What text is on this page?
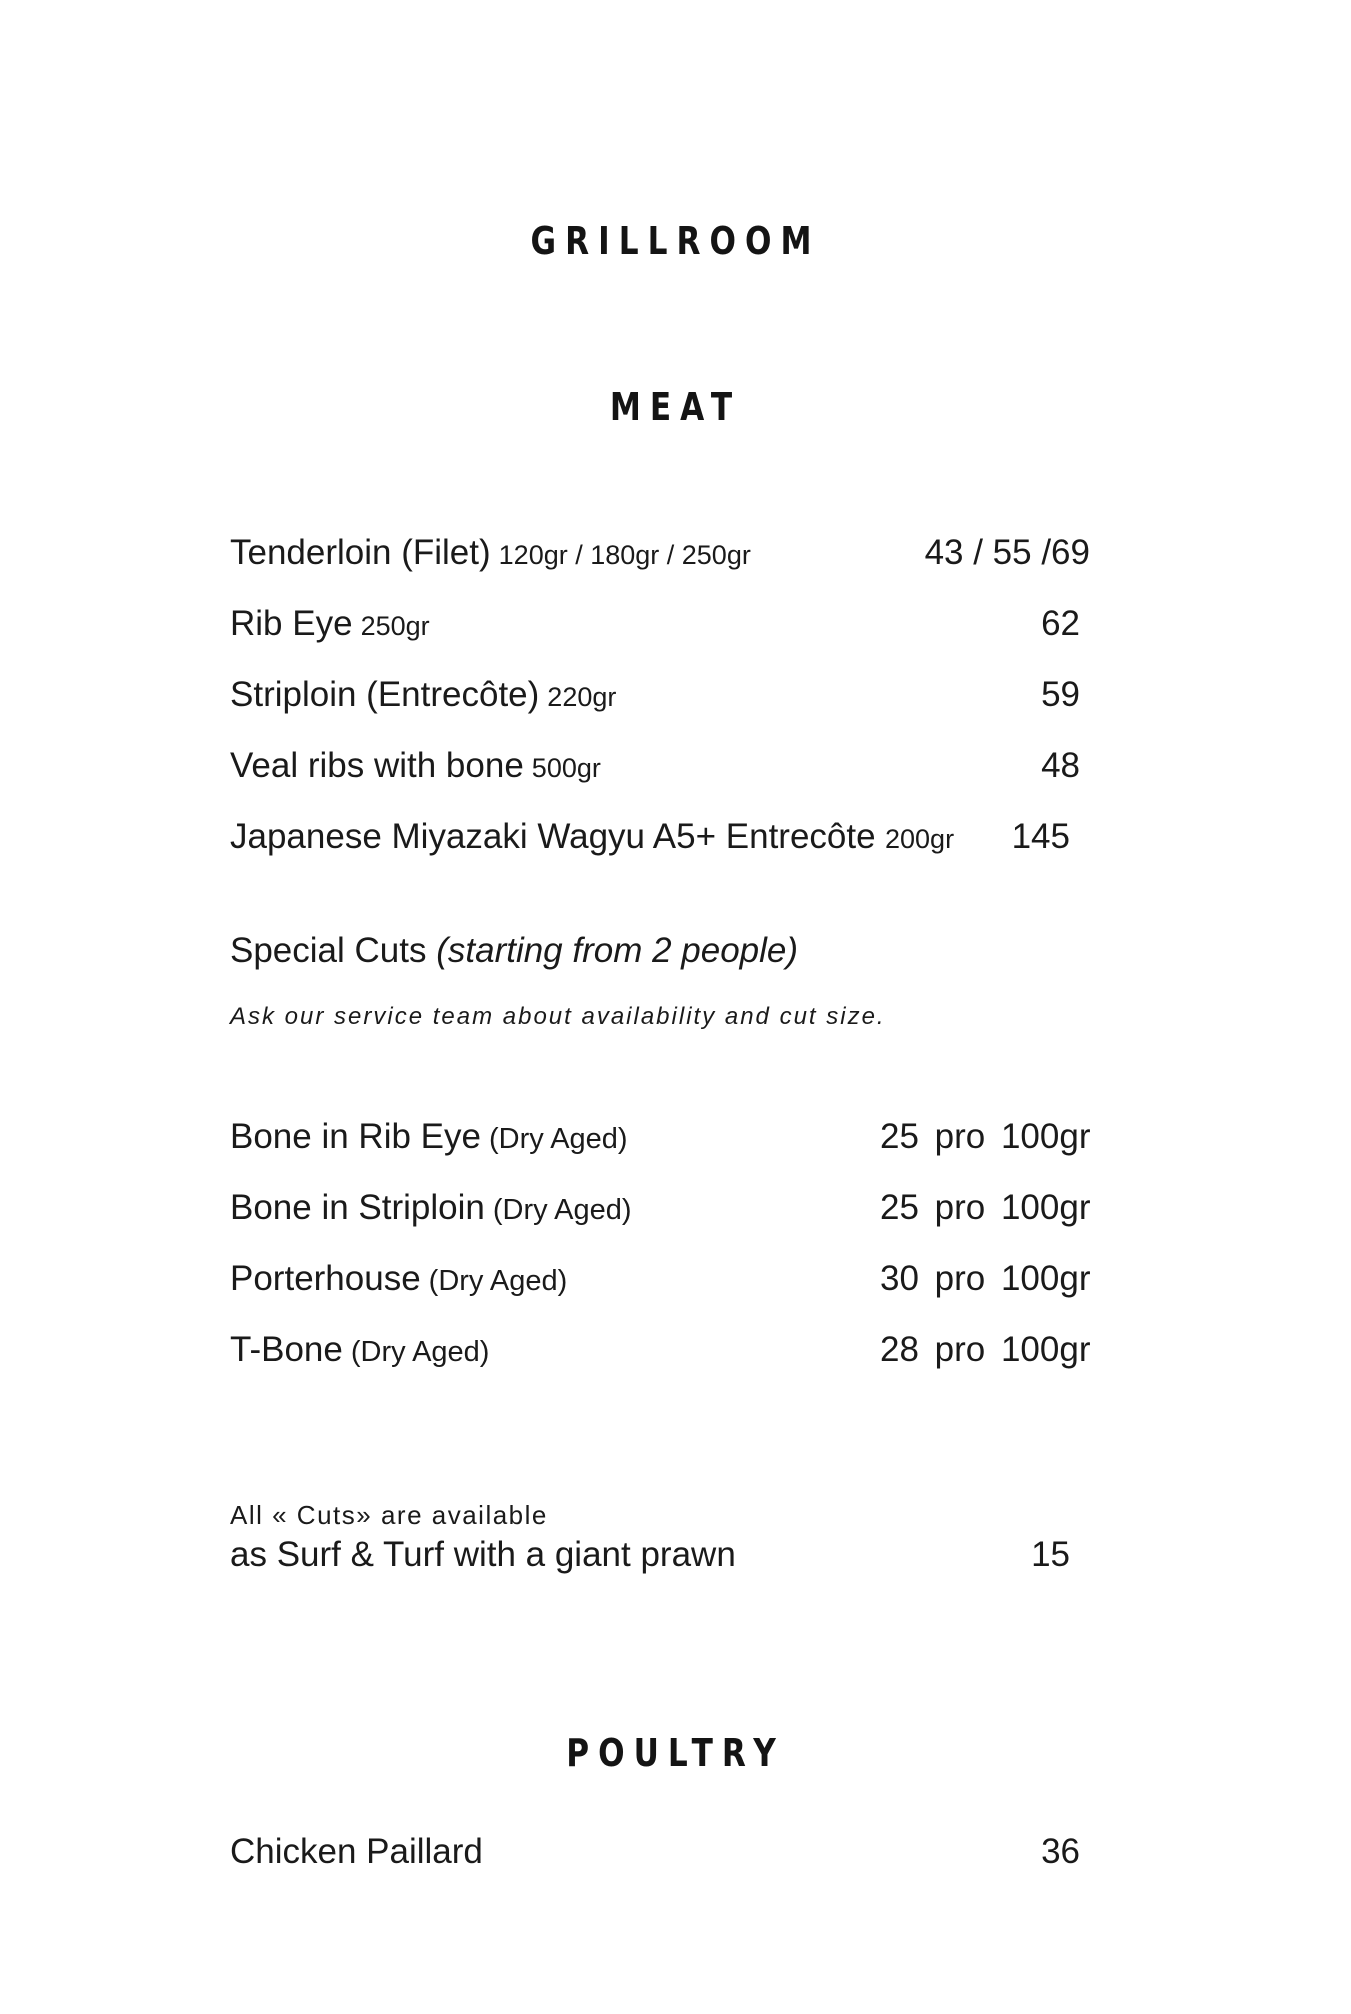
GRILLROOM
MEAT
Tenderloin (Filet) 120gr / 180gr / 250gr	43 / 55 /69
Rib Eye 250gr	62
Striploin (Entrecôte) 220gr	59
Veal ribs with bone 500gr	48
Japanese Miyazaki Wagyu A5+ Entrecôte 200gr 145
Special Cuts (starting from 2 people)
Ask our service team about availability and cut size.
Bone in Rib Eye (Dry Aged)	25 pro 100gr
Bone in Striploin (Dry Aged)	25 pro 100gr
Porterhouse (Dry Aged)	30 pro 100gr
T-Bone (Dry Aged)	28 pro 100gr
All « Cuts» are available
as Surf & Turf with a giant prawn	15
POULTRY
Chicken Paillard	36
